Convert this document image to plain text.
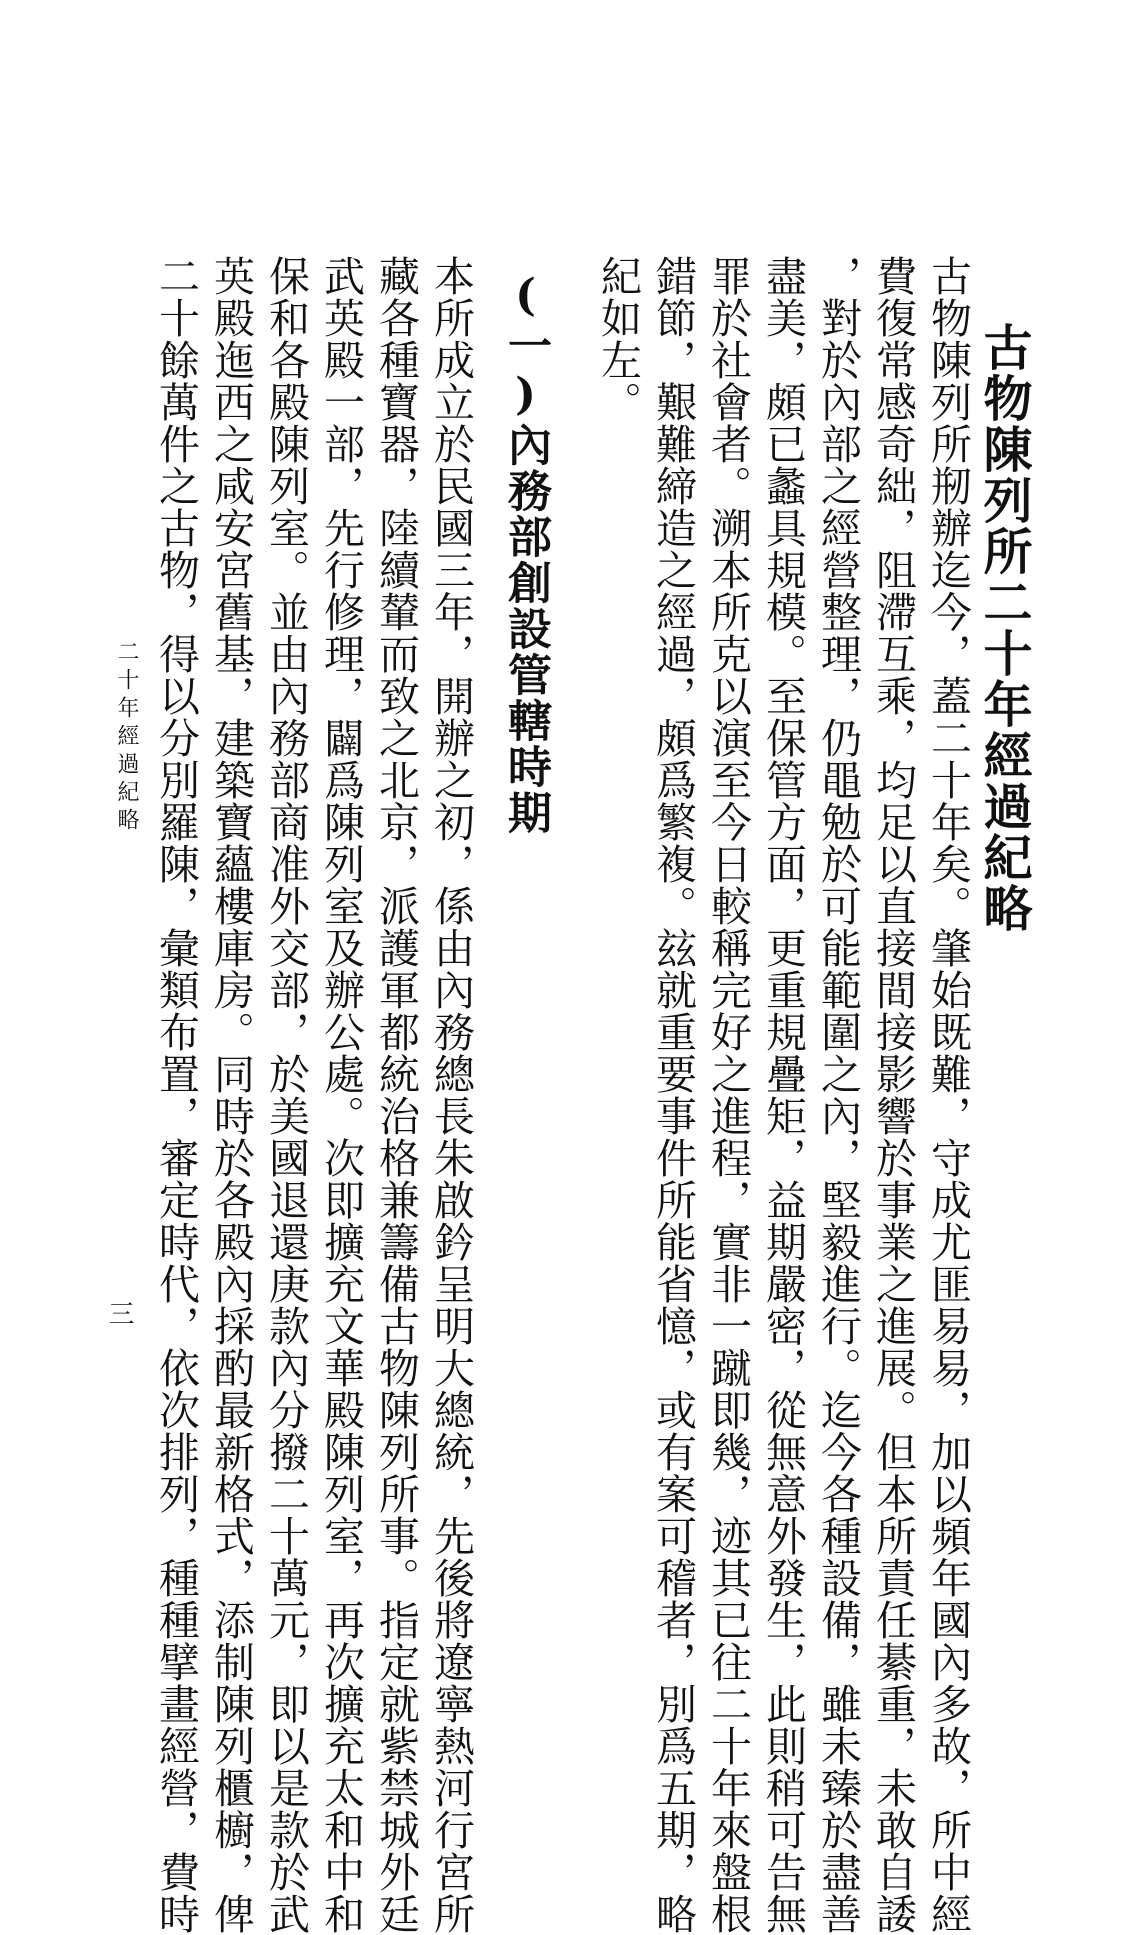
古物陳列所二十年經過紀略
古物陳列所剏辦迄今，蓋二十年矣。肇始既難，守成尤匪易易，加以頻年國內多故，所中經
費復常感奇絀，阻滯互乘，均足以直接間接影響於事業之進展。但本所責任綦重，未敢自諉
，對於內部之經營整理，仍黽勉於可能範圍之內，堅毅進行。迄今各種設備，雖未臻於盡善
盡美，頗已蠡具規模。至保管方面，更重規疊矩，益期嚴密，從無意外發生，此則稍可告無
罪於社會者。溯本所克以演至今日較稱完好之進程，實非一蹴即幾，迹其已往二十年來盤根
錯節，艱難締造之經過，頗爲繁複。玆就重要事件所能省憶，或有案可稽者，別爲五期，略
紀如左。
(一)內務部創設管轄時期
本所成立於民國三年，開辦之初，係由內務總長朱啟鈐呈明大總統，先後將遼寧熱河行宮所
藏各種寶器，陸續輦而致之北京，派護軍都統治格兼籌備古物陳列所事。指定就紫禁城外廷
武英殿一部，先行修理，闢爲陳列室及辦公處。次即擴充文華殿陳列室，再次擴充太和中和
保和各殿陳列室。並由內務部商准外交部，於美國退還庚款內分撥二十萬元，即以是款於武
英殿迤西之咸安宮舊基，建築寶蘊樓庫房。同時於各殿內採酌最新格式，添制陳列櫃櫥，俾
二十餘萬件之古物，得以分別羅陳，彙類布置，審定時代，依次排列，種種擘畫經營，費時
二十年經過紀略
三
